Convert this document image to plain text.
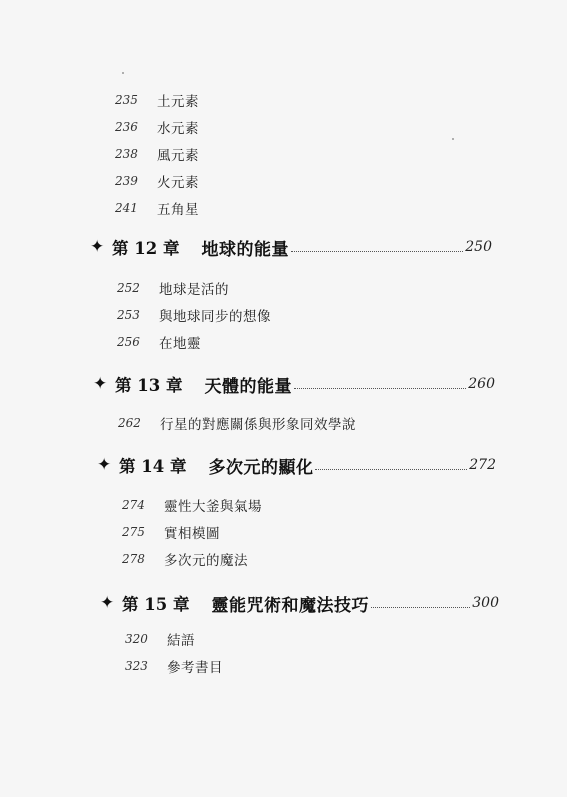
235	土元素
236	水元素
238	風元素
239	火元素
241	五角星
✦ 第 12 章 地球的能量	250
252	地球是活的
253	與地球同步的想像
256	在地靈
✦ 第 13 章 天體的能量	260
262	行星的對應關係與形象同效學說
✦ 第 14 章 多次元的顯化	272
274	靈性大釜與氣場
275	實相模圖
278	多次元的魔法
✦ 第 15 章 靈能咒術和魔法技巧	300
320	結語
323	參考書目
